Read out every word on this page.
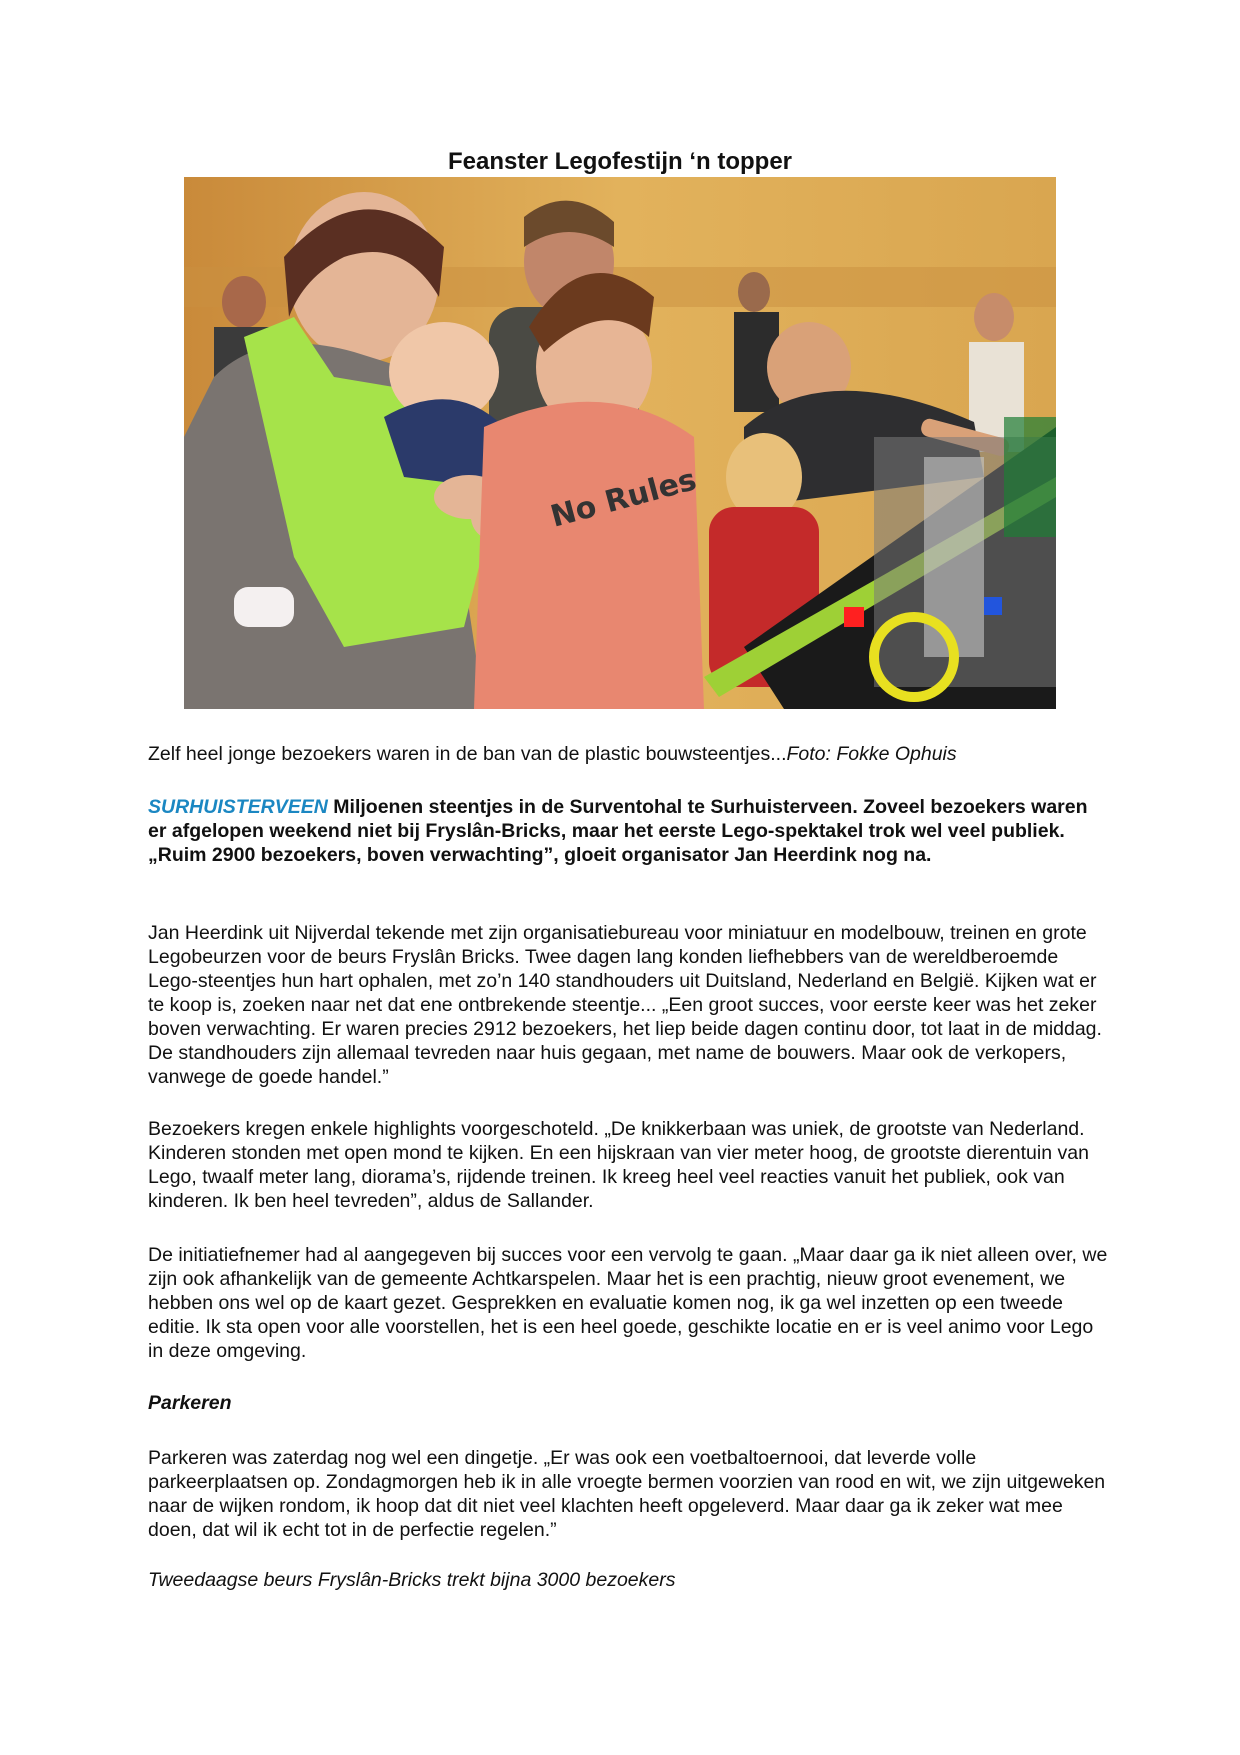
Feanster Legofestijn ‘n topper
No Rules
Zelf heel jonge bezoekers waren in de ban van de plastic bouwsteentjes...Foto: Fokke Ophuis
SURHUISTERVEEN Miljoenen steentjes in de Surventohal te Surhuisterveen. Zoveel bezoekers waren er afgelopen weekend niet bij Fryslân-Bricks, maar het eerste Lego-spektakel trok wel veel publiek. „Ruim 2900 bezoekers, boven verwachting”, gloeit organisator Jan Heerdink nog na.
Jan Heerdink uit Nijverdal tekende met zijn organisatiebureau voor miniatuur en modelbouw, treinen en grote Legobeurzen voor de beurs Fryslân Bricks. Twee dagen lang konden liefhebbers van de wereldberoemde Lego-steentjes hun hart ophalen, met zo’n 140 standhouders uit Duitsland, Nederland en België. Kijken wat er te koop is, zoeken naar net dat ene ontbrekende steentje... „Een groot succes, voor eerste keer was het zeker boven verwachting. Er waren precies 2912 bezoekers, het liep beide dagen continu door, tot laat in de middag. De standhouders zijn allemaal tevreden naar huis gegaan, met name de bouwers. Maar ook de verkopers, vanwege de goede handel.”
Bezoekers kregen enkele highlights voorgeschoteld. „De knikkerbaan was uniek, de grootste van Nederland. Kinderen stonden met open mond te kijken. En een hijskraan van vier meter hoog, de grootste dierentuin van Lego, twaalf meter lang, diorama’s, rijdende treinen. Ik kreeg heel veel reacties vanuit het publiek, ook van kinderen. Ik ben heel tevreden”, aldus de Sallander.
De initiatiefnemer had al aangegeven bij succes voor een vervolg te gaan. „Maar daar ga ik niet alleen over, we zijn ook afhankelijk van de gemeente Achtkarspelen. Maar het is een prachtig, nieuw groot evenement, we hebben ons wel op de kaart gezet. Gesprekken en evaluatie komen nog, ik ga wel inzetten op een tweede editie. Ik sta open voor alle voorstellen, het is een heel goede, geschikte locatie en er is veel animo voor Lego in deze omgeving.
Parkeren
Parkeren was zaterdag nog wel een dingetje. „Er was ook een voetbaltoernooi, dat leverde volle parkeerplaatsen op. Zondagmorgen heb ik in alle vroegte bermen voorzien van rood en wit, we zijn uitgeweken naar de wijken rondom, ik hoop dat dit niet veel klachten heeft opgeleverd. Maar daar ga ik zeker wat mee doen, dat wil ik echt tot in de perfectie regelen.”
Tweedaagse beurs Fryslân-Bricks trekt bijna 3000 bezoekers
